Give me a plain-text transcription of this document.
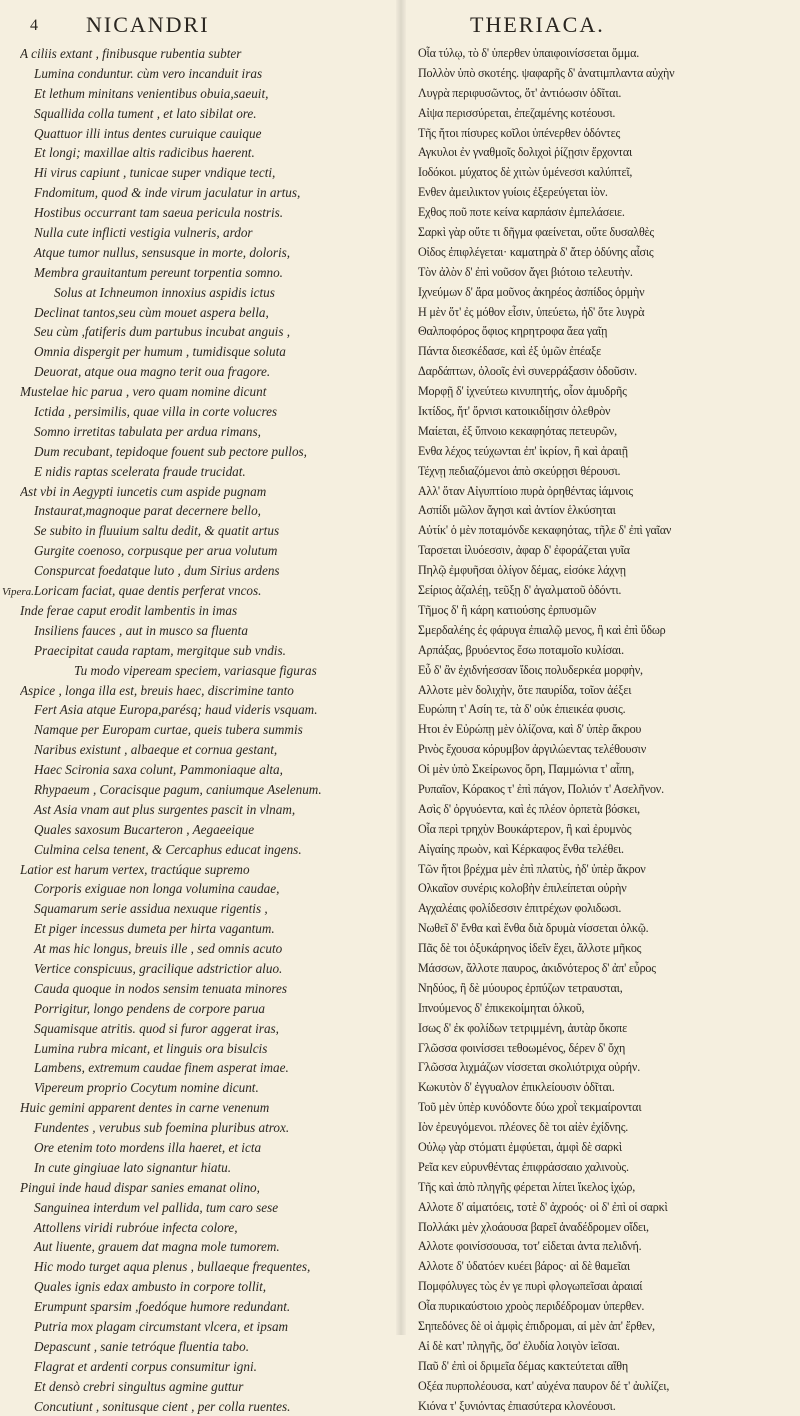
4 NICANDRI	THERIACA.
Vipera.
A ciliis extant , finibusque rubentia subter
Lumina conduntur. cùm vero incanduit iras
Et lethum minitans venientibus obuia,saeuit,
Squallida colla tument , et lato sibilat ore.
Quattuor illi intus dentes curuique cauique
Et longi; maxillae altis radicibus haerent.
Hi virus capiunt , tunicae super vndique tecti,
Fndomitum, quod & inde virum jaculatur in artus,
Hostibus occurrant tam saeua pericula nostris.
Nulla cute inflicti vestigia vulneris, ardor
Atque tumor nullus, sensusque in morte, doloris,
Membra grauitantum pereunt torpentia somno.
Solus at Ichneumon innoxius aspidis ictus
Declinat tantos,seu cùm mouet aspera bella,
Seu cùm ,fatiferis dum partubus incubat anguis ,
Omnia dispergit per humum , tumidisque soluta
Deuorat, atque oua magno terit oua fragore.
Mustelae hic parua , vero quam nomine dicunt
Ictida , persimilis, quae villa in corte volucres
Somno irretitas tabulata per ardua rimans,
Dum recubant, tepidoque fouent sub pectore pullos,
E nidis raptas scelerata fraude trucidat.
Ast vbi in Aegypti iuncetis cum aspide pugnam
Instaurat,magnoque parat decernere bello,
Se subito in fluuium saltu dedit, & quatit artus
Gurgite coenoso, corpusque per arua volutum
Conspurcat foedatque luto , dum Sirius ardens
Loricam faciat, quae dentis perferat vncos.
Inde ferae caput erodit lambentis in imas
Insiliens fauces , aut in musco sa fluenta
Praecipitat cauda raptam, mergitque sub vndis.
Tu modo vipeream speciem, variasque figuras
Aspice , longa illa est, breuis haec, discrimine tanto
Fert Asia atque Europa,parésq; haud videris vsquam.
Namque per Europam curtae, queis tubera summis
Naribus existunt , albaeque et cornua gestant,
Haec Scironia saxa colunt, Pammoniaque alta,
Rhypaeum , Coracisque pagum, caniumque Aselenum.
Ast Asia vnam aut plus surgentes pascit in vlnam,
Quales saxosum Bucarteron , Aegaeeique
Culmina celsa tenent, & Cercaphus educat ingens.
Latior est harum vertex, tractúque supremo
Corporis exiguae non longa volumina caudae,
Squamarum serie assidua nexuque rigentis ,
Et piger incessus dumeta per hirta vagantum.
At mas hic longus, breuis ille , sed omnis acuto
Vertice conspicuus, gracilique adstrictior aluo.
Cauda quoque in nodos sensim tenuata minores
Porrigitur, longo pendens de corpore parua
Squamisque atritis. quod si furor aggerat iras,
Lumina rubra micant, et linguis ora bisulcis
Lambens, extremum caudae finem asperat imae.
Vipereum proprio Cocytum nomine dicunt.
Huic gemini apparent dentes in carne venenum
Fundentes , verubus sub foemina pluribus atrox.
Ore etenim toto mordens illa haeret, et icta
In cute gingiuae lato signantur hiatu.
Pingui inde haud dispar sanies emanat olino,
Sanguinea interdum vel pallida, tum caro sese
Attollens viridi rubróue infecta colore,
Aut liuente, grauem dat magna mole tumorem.
Hic modo turget aqua plenus , bullaeque frequentes,
Quales ignis edax ambusto in corpore tollit,
Erumpunt sparsim ,foedóque humore redundant.
Putria mox plagam circumstant vlcera, et ipsam
Depascunt , sanie tetróque fluentia tabo.
Flagrat et ardenti corpus consumitur igni.
Et densò crebri singultus agmine guttur
Concutiunt , sonitusque cient , per colla ruentes.
Οἷα τύλῳ, τὸ δ' ὑπερθεν ὑπαιφοινίσσεται ὄμμα.
Πολλὸν ὑπὸ σκοτέης. ψαφαρῆς δ' ἀνατιμπλαντα αὐχὴν
Λυγρὰ περιφυσῶντος, ὅτ' ἀντιόωσιν ὁδῖται.
Αἰψα περισσύρεται, ἐπεζαμένης κοτέουσι.
Τῆς ἤτοι πίσυρες κοῖλοι ὑπένερθεν ὀδόντες
Αγκυλοι ἐν γναθμοῖς δολιχοὶ ῥίζῃσιν ἔρχονται
Ιοδόκοι. μύχατος δὲ χιτὼν ὑμένεσσι καλύπτεῖ,
Ενθεν ἀμειλικτον γυίοις ἐξερεύγεται ἰὸν.
Εχθος ποῦ ποτε κείνα καρπάσιν ἐμπελάσειε.
Σαρκὶ γὰρ οὔτε τι δῆγμα φαείνεται, οὔτε δυσαλθὲς
Οἰδος ἐπιφλέγεται· καματηρὰ δ' ἄτερ ὀδύνης αἶσις
Τὸν ἀλὸν δ' ἐπὶ νοῦσον ἄγει βιότοιο τελευτὴν.
Ιχνεύμων δ' ἄρα μοῦνος ἀκηρέος ἀσπίδος ὁρμὴν
Η μὲν ὅτ' ἐς μόθον εἶσιν, ὑπεύετω, ἠδ' ὅτε λυγρὰ
Θαλποφόρος ὄφιος κηρητροφα ἄεα γαῖῃ
Πάντα διεσκέδασε, καὶ ἐξ ὑμῶν ἐπέαξε
Δαρδάπτων, ὀλοοῖς ἐνὶ συνερράξασιν ὀδοῦσιν.
Μορφῇ δ' ἰχνεύτεω κινυπητής, οἷον ἀμυδρῆς
Ικτίδος, ἥτ' ὄρνισι κατοικιδίῃσιν ὀλεθρὸν
Μαίεται, ἐξ ὕπνοιο κεκαφηότας πετευρῶν,
Ενθα λέχος τεύχωνται ἐπ' ἰκρίον, ἢ καὶ ἀραιῇ
Τέχνῃ πεδιαζόμενοι ἀπὸ σκεύρῃσι θέρουσι.
Αλλ' ὅταν Αἰγυπτίοιο πυρὰ ὀρηθέντας ἰάμνοις
Ασπίδι μῶλον ἄγησι καὶ ἀντίον ἑλκύσηται
Αὐτίκ' ὁ μὲν ποταμόνδε κεκαφηότας, τῆλε δ' ἐπὶ γαῖαν
Ταρσεται ἰλυόεσσιν, ἀφαρ δ' ἐφοράζεται γυῖα
Πηλῷ ἐμφυῆσαι ὀλίγον δέμας, εἰσόκε λάχνῃ
Σείριος ἀζαλέῃ, τεῦξῃ δ' ἀγαλματοῦ ὀδόντι.
Τῆμος δ' ἢ κάρη κατιούσης ἐρπυσμῶν
Σμερδαλέης ἐς φάρυγα ἐπιαλῷ μενος, ἢ καὶ ἐπὶ ὕδωρ
Αρπάξας, βρυόεντος ἔσω ποταμοῖο κυλίσαι.
Εὖ δ' ἂν ἐχιδνήεσσαν ἴδοις πολυδερκέα μορφὴν,
Αλλοτε μὲν δολιχὴν, ὅτε παυρίδα, τοῖον ἀέξει
Ευρώπη τ' Ασίη τε, τὰ δ' οὐκ ἐπιεικέα φυσις.
Ητοι ἐν Εὐρώπῃ μὲν ὀλίζονα, καὶ δ' ὑπὲρ ἄκρου
Ρινὸς ἔχουσα κόρυμβον ἀργιλώεντας τελέθουσιν
Οἱ μὲν ὑπὸ Σκείρωνος ὄρη, Παμμώνια τ' αἶπη,
Ρυπαῖον, Κόρακος τ' ἐπὶ πάγον, Πολιόν τ' Ασελῆνον.
Ασὶς δ' ὀργυόεντα, καὶ ἐς πλέον ὀρπετὰ βόσκει,
Οἷα περὶ τρηχὺν Βουκάρτερον, ἢ καὶ ἐρυμνὸς
Αἰγαίης πρωὸν, καὶ Κέρκαφος ἔνθα τελέθει.
Τῶν ἤτοι βρέχμα μὲν ἐπὶ πλατὺς, ἠδ' ὑπὲρ ἄκρον
Ολκαῖον συνέρις κολοβὴν ἐπιλείπεται οὐρὴν
Αγχαλέαις φολίδεσσιν ἐπιτρέχων φολιδωσι.
Νωθεῖ δ' ἔνθα καὶ ἔνθα διὰ δρυμὰ νίσσεται ὁλκῷ.
Πᾶς δὲ τοι ὀξυκάρηνος ἰδεῖν ἔχει, ἄλλοτε μῆκος
Μάσσων, ἄλλοτε παυρος, ἀκιδνότερος δ' ἀπ' εὖρος
Νηδύος, ἢ δὲ μύουρος ἐρπύζων τετραυσται,
Ιπνούμενος δ' ἐπικεκοίμηται ὁλκοῦ,
Ισως δ' ἐκ φολίδων τετριμμένη, ἀυτὰρ ὄκοπε
Γλῶσσα φοινίσσει τεθοωμένος, δέρεν δ' ὄχη
Γλῶσσα λιχμάζων νίσσεται σκολιότριχα οὐρήν.
Κωκυτὸν δ' ἐγγυαλον ἐπικλείουσιν ὁδῖται.
Τοῦ μὲν ὑπὲρ κυνόδοντε δύω χροῒ τεκμαίρονται
Ιὸν ἐρευγόμενοι. πλέονες δὲ τοι αἰὲν ἐχίδνης.
Οὐλῳ γὰρ στόματι ἐμφύεται, ἀμφὶ δὲ σαρκὶ
Ρεῖα κεν εὐρυνθέντας ἐπιφράσσαιο χαλινοὺς.
Τῆς καὶ ἀπὸ πληγῆς φέρεται λίπει ἴκελος ἰχώρ,
Αλλοτε δ' αἱματόεις, τοτὲ δ' ἀχροός· οἱ δ' ἐπὶ οἱ σαρκὶ
Πολλάκι μὲν χλοάουσα βαρεῖ ἀναδέδρομεν οἴδει,
Αλλοτε φοινίσσουσα, τοτ' εἰδεται ἀντα πελιδνή.
Αλλοτε δ' ὑδατόεν κυέει βάρος· αἱ δὲ θαμεῖαι
Πομφόλυγες τὼς ἐν γε πυρὶ φλογωπεῖσαι ἀραιαί
Οἷα πυρικαύστοιο χροὸς περιδέδρομαν ὑπερθεν.
Σηπεδόνες δὲ οἱ ἀμφὶς ἐπιδρομαι, αἱ μὲν ἀπ' ἔρθεν,
Αἱ δὲ κατ' πληγῆς, ὅσ' ἐλυδία λοιγὸν ἰεῖσαι.
Παῦ δ' ἐπὶ οἱ δριμεῖα δέμας κακτεύτεται αἴθη
Οξέα πυρπολέουσα, κατ' αὐχένα παυρον δέ τ' ἀυλίζει,
Κιόνα τ' ξυνιόντας ἐπιασύτερα κλονέουσι.
